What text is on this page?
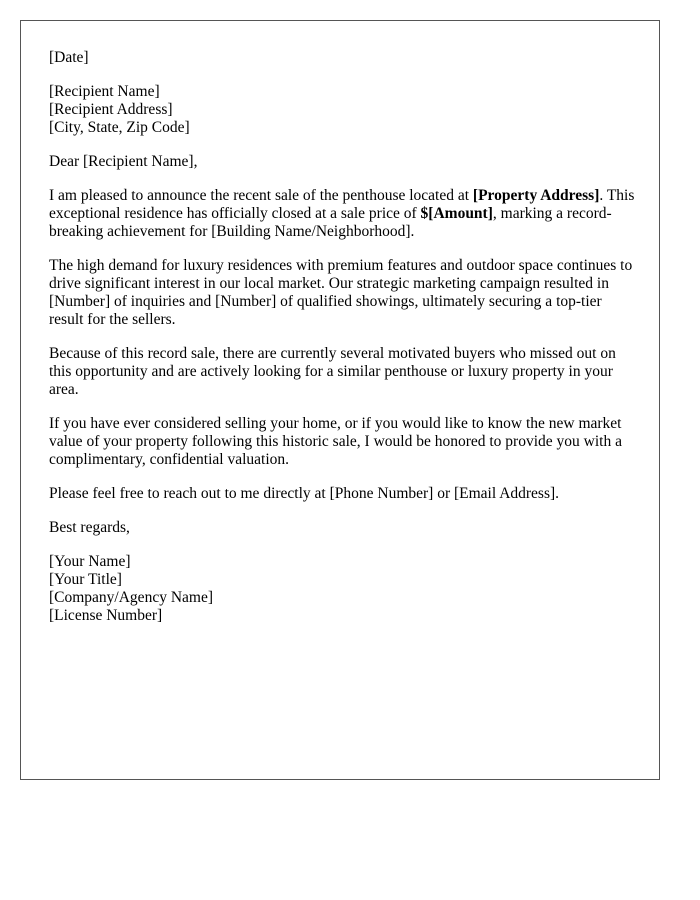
[Date]

[Recipient Name]

[Recipient Address]

[City, State, Zip Code]

Dear [Recipient Name],

I am pleased to announce the recent sale of the penthouse located at [Property Address]. This exceptional residence has officially closed at a sale price of $[Amount], marking a record-breaking achievement for [Building Name/Neighborhood].

The high demand for luxury residences with premium features and outdoor space continues to drive significant interest in our local market. Our strategic marketing campaign resulted in [Number] of inquiries and [Number] of qualified showings, ultimately securing a top-tier result for the sellers.

Because of this record sale, there are currently several motivated buyers who missed out on this opportunity and are actively looking for a similar penthouse or luxury property in your area.

If you have ever considered selling your home, or if you would like to know the new market value of your property following this historic sale, I would be honored to provide you with a complimentary, confidential valuation.

Please feel free to reach out to me directly at [Phone Number] or [Email Address].

Best regards,

[Your Name]

[Your Title]

[Company/Agency Name]

[License Number]
